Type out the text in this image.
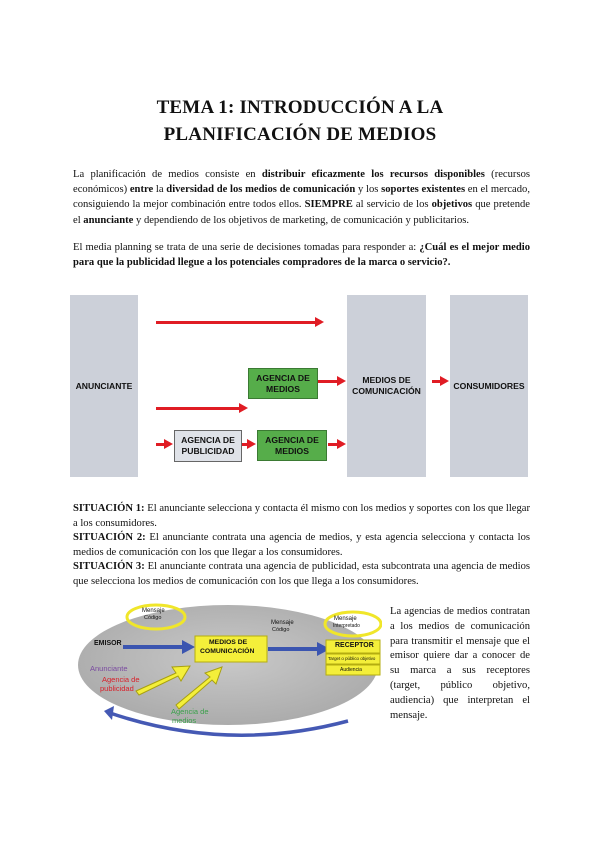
TEMA 1: INTRODUCCIÓN A LA
PLANIFICACIÓN DE MEDIOS
La planificación de medios consiste en distribuir eficazmente los recursos disponibles (recursos económicos) entre la diversidad de los medios de comunicación y los soportes existentes en el mercado, consiguiendo la mejor combinación entre todos ellos. SIEMPRE al servicio de los objetivos que pretende el anunciante y dependiendo de los objetivos de marketing, de comunicación y publicitarios.
El media planning se trata de una serie de decisiones tomadas para responder a: ¿Cuál es el mejor medio para que la publicidad llegue a los potenciales compradores de la marca o servicio?.
ANUNCIANTE
MEDIOS DE COMUNICACIÓN
CONSUMIDORES
AGENCIA DE MEDIOS
AGENCIA DE PUBLICIDAD
AGENCIA DE MEDIOS
SITUACIÓN 1: El anunciante selecciona y contacta él mismo con los medios y soportes con los que llegar a los consumidores.
SITUACIÓN 2: El anunciante contrata una agencia de medios, y esta agencia selecciona y contacta los medios de comunicación con los que llegar a los consumidores.
SITUACIÓN 3: El anunciante contrata una agencia de publicidad, esta subcontrata una agencia de medios que selecciona los medios de comunicación con los que llega a los consumidores.
Mensaje
Código
EMISOR
Anunciante
Agencia de
publicidad
MEDIOS DE
COMUNICACIÓN
Mensaje
Código
Mensaje
Interpretado
RECEPTOR
Target o público objetivo
Audiencia
Agencia de
medios
La agencias de medios contratan a los medios de comunicación para transmitir el mensaje que el emisor quiere dar a conocer de su marca a sus receptores (target, público objetivo, audiencia) que interpretan el mensaje.
